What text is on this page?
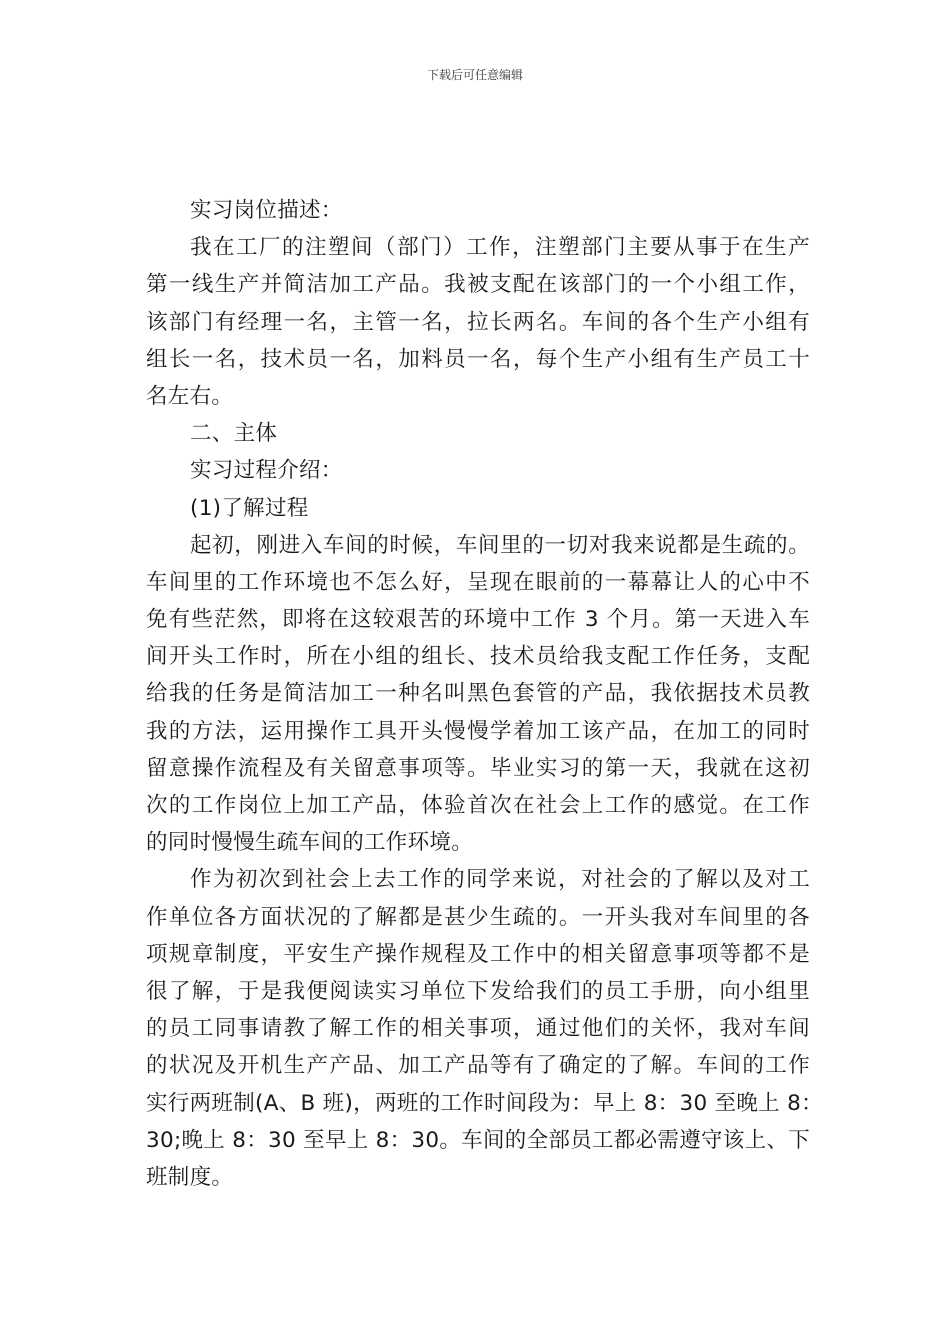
下载后可任意编辑
实习岗位描述：
我在工厂的注塑间（部门）工作，注塑部门主要从事于在生产
第一线生产并简洁加工产品。我被支配在该部门的一个小组工作，
该部门有经理一名，主管一名，拉长两名。车间的各个生产小组有
组长一名，技术员一名，加料员一名，每个生产小组有生产员工十
名左右。
二、主体
实习过程介绍：
(1)了解过程
起初，刚进入车间的时候，车间里的一切对我来说都是生疏的。
车间里的工作环境也不怎么好，呈现在眼前的一幕幕让人的心中不
免有些茫然，即将在这较艰苦的环境中工作 3 个月。第一天进入车
间开头工作时，所在小组的组长、技术员给我支配工作任务，支配
给我的任务是简洁加工一种名叫黑色套管的产品，我依据技术员教
我的方法，运用操作工具开头慢慢学着加工该产品，在加工的同时
留意操作流程及有关留意事项等。毕业实习的第一天，我就在这初
次的工作岗位上加工产品，体验首次在社会上工作的感觉。在工作
的同时慢慢生疏车间的工作环境。
作为初次到社会上去工作的同学来说，对社会的了解以及对工
作单位各方面状况的了解都是甚少生疏的。一开头我对车间里的各
项规章制度，平安生产操作规程及工作中的相关留意事项等都不是
很了解，于是我便阅读实习单位下发给我们的员工手册，向小组里
的员工同事请教了解工作的相关事项，通过他们的关怀，我对车间
的状况及开机生产产品、加工产品等有了确定的了解。车间的工作
实行两班制(A、B 班)，两班的工作时间段为：早上 8：30 至晚上 8：
30;晚上 8：30 至早上 8：30。车间的全部员工都必需遵守该上、下
班制度。
